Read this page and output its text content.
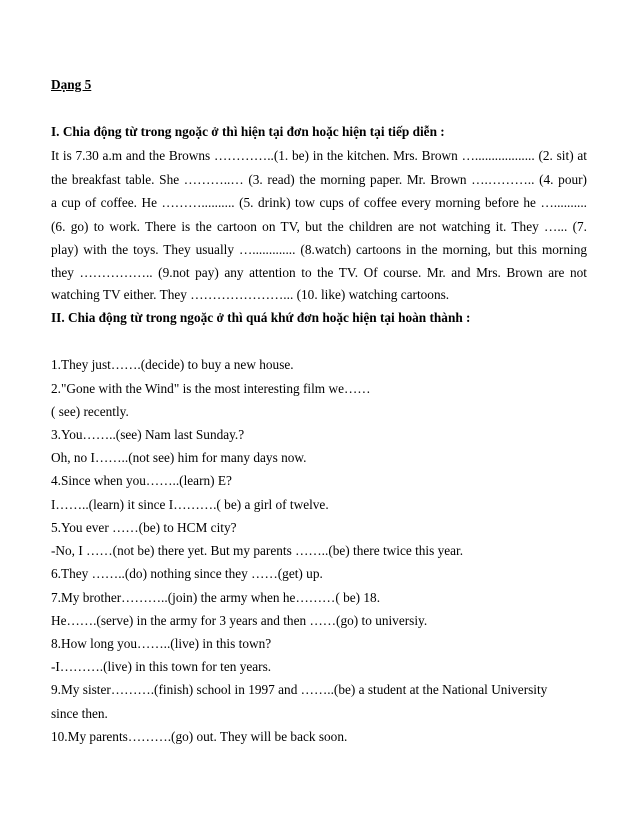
Dạng 5
I. Chia động từ trong ngoặc ở thì hiện tại đơn hoặc hiện tại tiếp diễn :
It is 7.30 a.m and the Browns …………..(1. be) in the kitchen. Mrs. Brown ….................. (2. sit) at
the breakfast table. She ………..… (3. read) the morning paper. Mr. Brown ….……….. (4. pour)
a cup of coffee. He ……….......... (5. drink) tow cups of coffee every morning before he …..........
(6. go) to work. There is the cartoon on TV, but the children are not watching it. They …... (7.
play) with the toys. They usually …............. (8.watch) cartoons in the morning, but this morning
they …………….. (9.not pay) any attention to the TV. Of course. Mr. and Mrs. Brown are not
watching TV either. They …………………... (10. like) watching cartoons.
II. Chia động từ trong ngoặc ở thì quá khứ đơn hoặc hiện tại hoàn thành :
1.They just…….(decide) to buy a new house.
2."Gone with the Wind" is the most interesting film we……
( see) recently.
3.You……..(see) Nam last Sunday.?
Oh, no I……..(not see) him for many days now.
4.Since when you……..(learn) E?
I……..(learn) it since I……….( be) a girl of twelve.
5.You ever ……(be) to HCM city?
-No, I ……(not be) there yet. But my parents ……..(be) there twice this year.
6.They ……..(do) nothing since they ……(get) up.
7.My brother………..(join) the army when he………( be) 18.
He…….(serve) in the army for 3 years and then ……(go) to universiy.
8.How long you……..(live) in this town?
-I……….(live) in this town for ten years.
9.My sister……….(finish) school in 1997 and ……..(be) a student at the National University
since then.
10.My parents……….(go) out. They will be back soon.
